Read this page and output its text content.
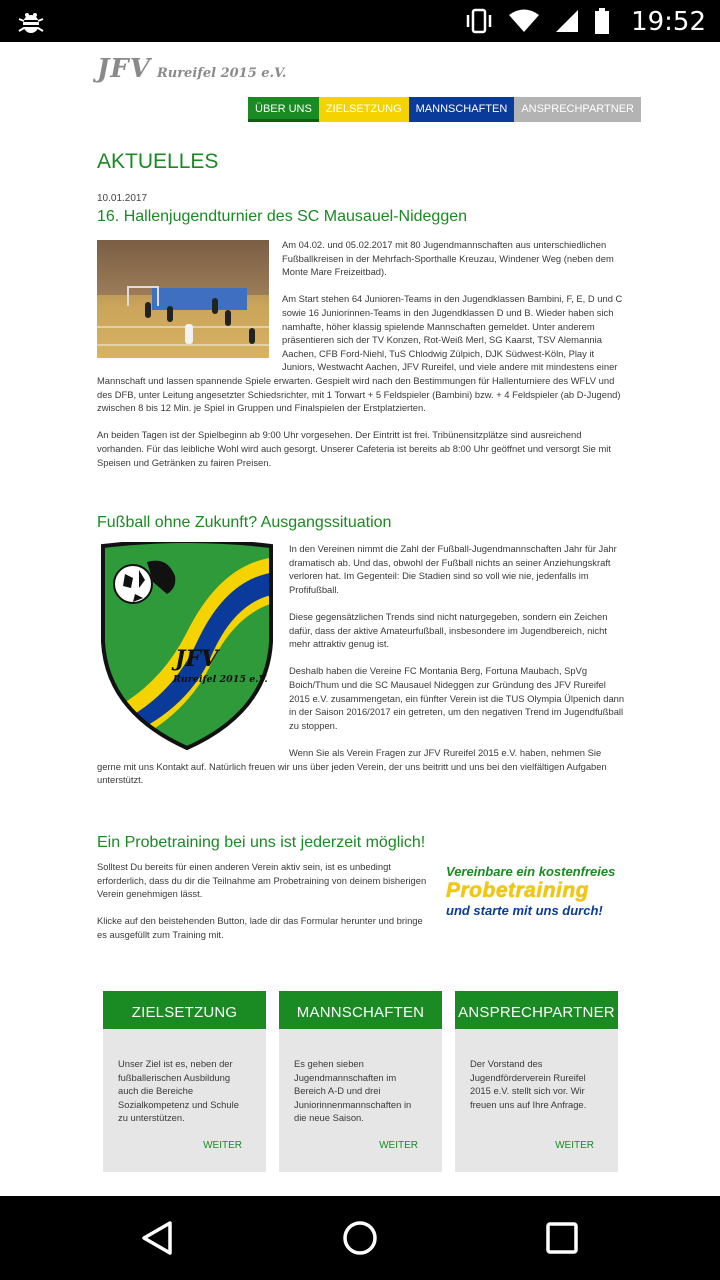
19:52
JFV Rureifel 2015 e.V.
ÜBER UNS	ZIELSETZUNG	MANNSCHAFTEN	ANSPRECHPARTNER
AKTUELLES
10.01.2017
16. Hallenjugendturnier des SC Mausauel-Nideggen

Am 04.02. und 05.02.2017 mit 80 Jugendmannschaften aus unterschiedlichen Fußballkreisen in der Mehrfach-Sporthalle Kreuzau, Windener Weg (neben dem Monte Mare Freizeitbad).

Am Start stehen 64 Junioren-Teams in den Jugendklassen Bambini, F, E, D und C sowie 16 Juniorinnen-Teams in den Jugendklassen D und B. Wieder haben sich namhafte, höher klassig spielende Mannschaften gemeldet. Unter anderem präsentieren sich der TV Konzen, Rot-Weiß Merl, SG Kaarst, TSV Alemannia Aachen, CFB Ford-Niehl, TuS Chlodwig Zülpich, DJK Südwest-Köln, Play it Juniors, Westwacht Aachen, JFV Rureifel, und viele andere mit mindestens einer Mannschaft und lassen spannende Spiele erwarten. Gespielt wird nach den Bestimmungen für Hallenturniere des WFLV und des DFB, unter Leitung angesetzter Schiedsrichter, mit 1 Torwart + 5 Feldspieler (Bambini) bzw. + 4 Feldspieler (ab D-Jugend) zwischen 8 bis 12 Min. je Spiel in Gruppen und Finalspielen der Erstplatzierten.

An beiden Tagen ist der Spielbeginn ab 9:00 Uhr vorgesehen. Der Eintritt ist frei. Tribünensitzplätze sind ausreichend vorhanden. Für das leibliche Wohl wird auch gesorgt. Unserer Cafeteria ist bereits ab 8:00 Uhr geöffnet und versorgt Sie mit Speisen und Getränken zu fairen Preisen.

Fußball ohne Zukunft? Ausgangssituation
JFV
Rureifel 2015 e.V.

In den Vereinen nimmt die Zahl der Fußball-Jugendmannschaften Jahr für Jahr dramatisch ab. Und das, obwohl der Fußball nichts an seiner Anziehungskraft verloren hat. Im Gegenteil: Die Stadien sind so voll wie nie, jedenfalls im Profifußball.

Diese gegensätzlichen Trends sind nicht naturgegeben, sondern ein Zeichen dafür, dass der aktive Amateurfußball, insbesondere im Jugendbereich, nicht mehr attraktiv genug ist.

Deshalb haben die Vereine FC Montania Berg, Fortuna Maubach, SpVg Boich/Thum und die SC Mausauel Nideggen zur Gründung des JFV Rureifel 2015 e.V. zusammengetan, ein fünfter Verein ist die TUS Olympia Ülpenich dann in der Saison 2016/2017 ein getreten, um den negativen Trend im Jugendfußball zu stoppen.

Wenn Sie als Verein Fragen zur JFV Rureifel 2015 e.V. haben, nehmen Sie gerne mit uns Kontakt auf. Natürlich freuen wir uns über jeden Verein, der uns beitritt und uns bei den vielfältigen Aufgaben unterstützt.

Ein Probetraining bei uns ist jederzeit möglich!

Solltest Du bereits für einen anderen Verein aktiv sein, ist es unbedingt erforderlich, dass du dir die Teilnahme am Probetraining von deinem bisherigen Verein genehmigen lässt.

Klicke auf den beistehenden Button, lade dir das Formular herunter und bringe es ausgefüllt zum Training mit.

Vereinbare ein kostenfreies
Probetraining
und starte mit uns durch!
ZIELSETZUNG
Unser Ziel ist es, neben der fußballerischen Ausbildung auch die Bereiche Sozialkompetenz und Schule zu unterstützen.
WEITER
MANNSCHAFTEN
Es gehen sieben Jugendmannschaften im Bereich A-D und drei Juniorinnenmannschaften in die neue Saison.
WEITER
ANSPRECHPARTNER
Der Vorstand des Jugendförderverein Rureifel 2015 e.V. stellt sich vor. Wir freuen uns auf Ihre Anfrage.
WEITER
